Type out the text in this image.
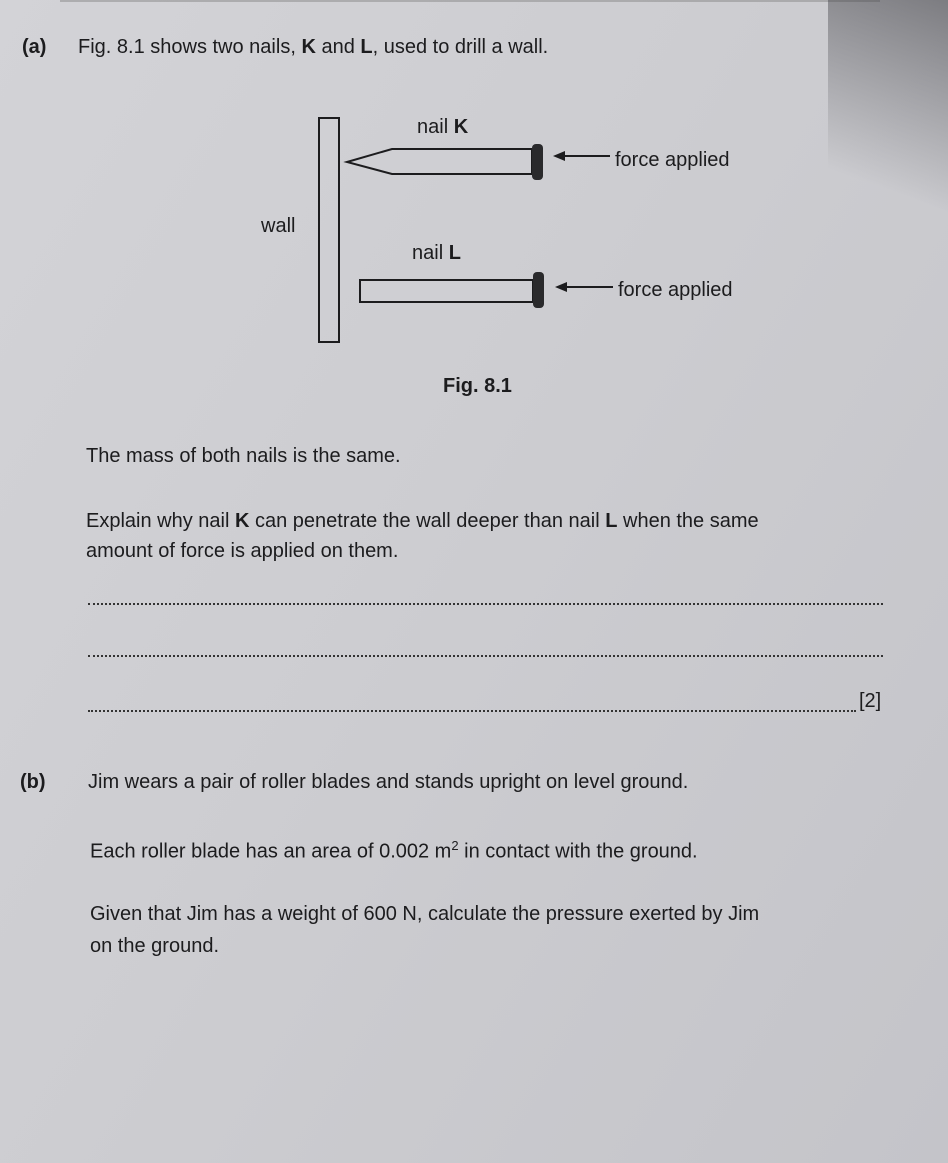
(a) Fig. 8.1 shows two nails, K and L, used to drill a wall.
nail K
force applied
wall
nail L
force applied
Fig. 8.1
The mass of both nails is the same.
Explain why nail K can penetrate the wall deeper than nail L when the same
amount of force is applied on them.
[2]
(b) Jim wears a pair of roller blades and stands upright on level ground.
Each roller blade has an area of 0.002 $m^2$ in contact with the ground.
Given that Jim has a weight of 600 N, calculate the pressure exerted by Jim
on the ground.
